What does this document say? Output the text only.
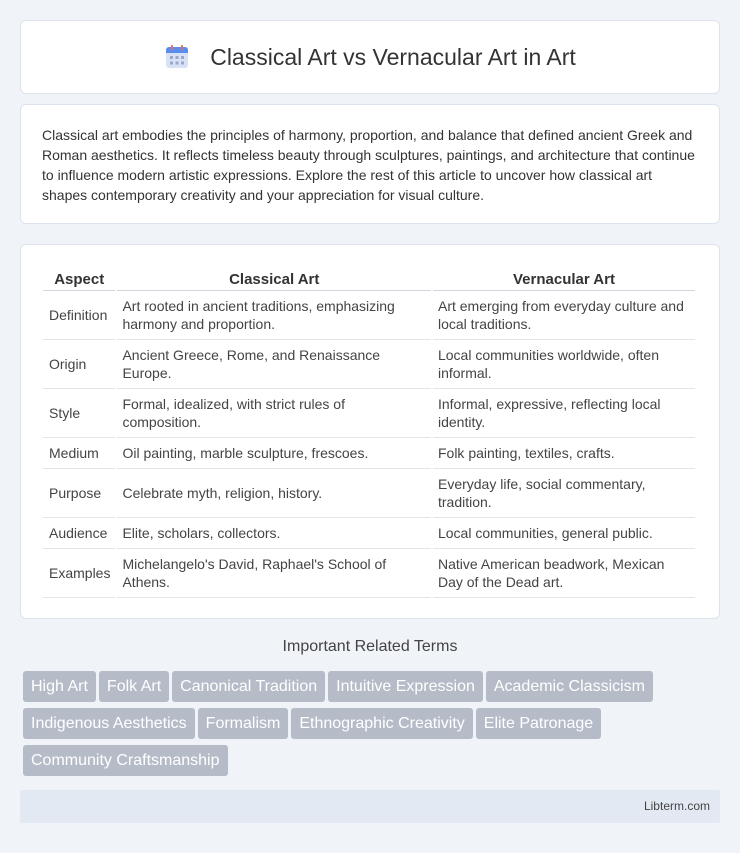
Classical Art vs Vernacular Art in Art

Classical art embodies the principles of harmony, proportion, and balance that defined ancient Greek and Roman aesthetics. It reflects timeless beauty through sculptures, paintings, and architecture that continue to influence modern artistic expressions. Explore the rest of this article to uncover how classical art shapes contemporary creativity and your appreciation for visual culture.

Aspect	Classical Art	Vernacular Art
Definition	Art rooted in ancient traditions, emphasizing harmony and proportion.	Art emerging from everyday culture and local traditions.
Origin	Ancient Greece, Rome, and Renaissance Europe.	Local communities worldwide, often informal.
Style	Formal, idealized, with strict rules of composition.	Informal, expressive, reflecting local identity.
Medium	Oil painting, marble sculpture, frescoes.	Folk painting, textiles, crafts.
Purpose	Celebrate myth, religion, history.	Everyday life, social commentary, tradition.
Audience	Elite, scholars, collectors.	Local communities, general public.
Examples	Michelangelo's David, Raphael's School of Athens.	Native American beadwork, Mexican Day of the Dead art.
Important Related Terms
High Art Folk Art Canonical Tradition Intuitive Expression Academic Classicism
Indigenous Aesthetics Formalism Ethnographic Creativity Elite Patronage
Community Craftsmanship
Libterm.com
